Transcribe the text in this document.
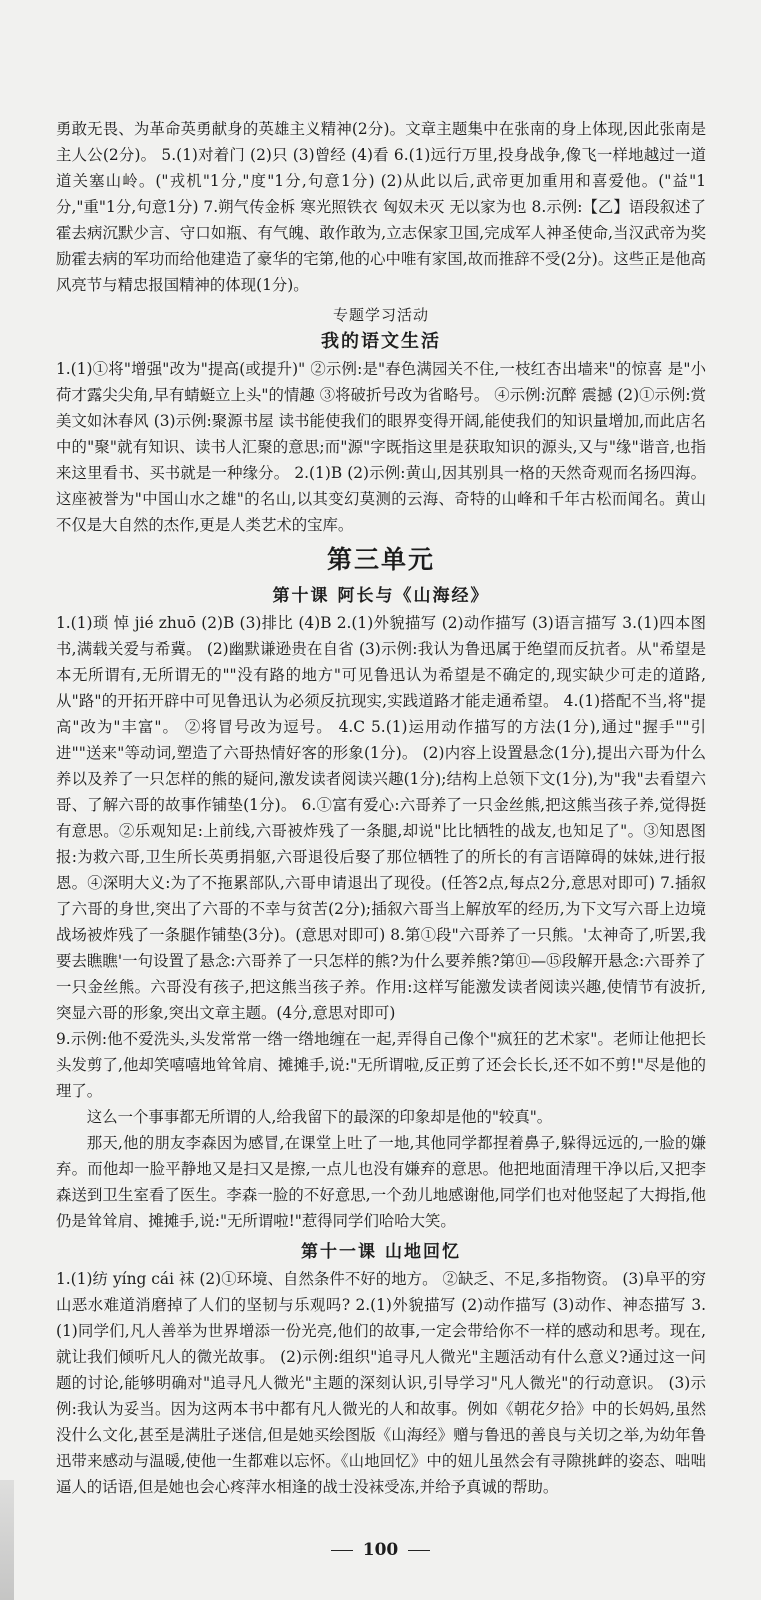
勇敢无畏、为革命英勇献身的英雄主义精神(2分)。文章主题集中在张南的身上体现,因此张南是主人公(2分)。 5.(1)对着门 (2)只 (3)曾经 (4)看 6.(1)远行万里,投身战争,像飞一样地越过一道道关塞山岭。("戎机"1分,"度"1分,句意1分) (2)从此以后,武帝更加重用和喜爱他。("益"1分,"重"1分,句意1分) 7.朔气传金柝 寒光照铁衣 匈奴未灭 无以家为也 8.示例:【乙】语段叙述了霍去病沉默少言、守口如瓶、有气魄、敢作敢为,立志保家卫国,完成军人神圣使命,当汉武帝为奖励霍去病的军功而给他建造了豪华的宅第,他的心中唯有家国,故而推辞不受(2分)。这些正是他高风亮节与精忠报国精神的体现(1分)。

专题学习活动
我的语文生活

1.(1)①将"增强"改为"提高(或提升)" ②示例:是"春色满园关不住,一枝红杏出墙来"的惊喜 是"小荷才露尖尖角,早有蜻蜓立上头"的情趣 ③将破折号改为省略号。 ④示例:沉醉 震撼 (2)①示例:赏美文如沐春风 (3)示例:聚源书屋 读书能使我们的眼界变得开阔,能使我们的知识量增加,而此店名中的"聚"就有知识、读书人汇聚的意思;而"源"字既指这里是获取知识的源头,又与"缘"谐音,也指来这里看书、买书就是一种缘分。 2.(1)B (2)示例:黄山,因其别具一格的天然奇观而名扬四海。这座被誉为"中国山水之雄"的名山,以其变幻莫测的云海、奇特的山峰和千年古松而闻名。黄山不仅是大自然的杰作,更是人类艺术的宝库。

第三单元
第十课 阿长与《山海经》

1.(1)琐 悼 jié zhuō (2)B (3)排比 (4)B 2.(1)外貌描写 (2)动作描写 (3)语言描写 3.(1)四本图书,满载关爱与希冀。 (2)幽默谦逊贵在自省 (3)示例:我认为鲁迅属于绝望而反抗者。从"希望是本无所谓有,无所谓无的""没有路的地方"可见鲁迅认为希望是不确定的,现实缺少可走的道路,从"路"的开拓开辟中可见鲁迅认为必须反抗现实,实践道路才能走通希望。 4.(1)搭配不当,将"提高"改为"丰富"。 ②将冒号改为逗号。 4.C 5.(1)运用动作描写的方法(1分),通过"握手""引进""送来"等动词,塑造了六哥热情好客的形象(1分)。 (2)内容上设置悬念(1分),提出六哥为什么养以及养了一只怎样的熊的疑问,激发读者阅读兴趣(1分);结构上总领下文(1分),为"我"去看望六哥、了解六哥的故事作铺垫(1分)。 6.①富有爱心:六哥养了一只金丝熊,把这熊当孩子养,觉得挺有意思。②乐观知足:上前线,六哥被炸残了一条腿,却说"比比牺牲的战友,也知足了"。③知恩图报:为救六哥,卫生所长英勇捐躯,六哥退役后娶了那位牺牲了的所长的有言语障碍的妹妹,进行报恩。④深明大义:为了不拖累部队,六哥申请退出了现役。(任答2点,每点2分,意思对即可) 7.插叙了六哥的身世,突出了六哥的不幸与贫苦(2分);插叙六哥当上解放军的经历,为下文写六哥上边境战场被炸残了一条腿作铺垫(3分)。(意思对即可) 8.第①段"六哥养了一只熊。'太神奇了,听罢,我要去瞧瞧'一句设置了悬念:六哥养了一只怎样的熊?为什么要养熊?第⑪—⑮段解开悬念:六哥养了一只金丝熊。六哥没有孩子,把这熊当孩子养。作用:这样写能激发读者阅读兴趣,使情节有波折,突显六哥的形象,突出文章主题。(4分,意思对即可)

9.示例:他不爱洗头,头发常常一绺一绺地缠在一起,弄得自己像个"疯狂的艺术家"。老师让他把长头发剪了,他却笑嘻嘻地耸耸肩、摊摊手,说:"无所谓啦,反正剪了还会长长,还不如不剪!"尽是他的理了。

这么一个事事都无所谓的人,给我留下的最深的印象却是他的"较真"。

那天,他的朋友李森因为感冒,在课堂上吐了一地,其他同学都捏着鼻子,躲得远远的,一脸的嫌弃。而他却一脸平静地又是扫又是擦,一点儿也没有嫌弃的意思。他把地面清理干净以后,又把李森送到卫生室看了医生。李森一脸的不好意思,一个劲儿地感谢他,同学们也对他竖起了大拇指,他仍是耸耸肩、摊摊手,说:"无所谓啦!"惹得同学们哈哈大笑。

第十一课 山地回忆

1.(1)纺 yíng cái 袜 (2)①环境、自然条件不好的地方。 ②缺乏、不足,多指物资。 (3)阜平的穷山恶水难道消磨掉了人们的坚韧与乐观吗? 2.(1)外貌描写 (2)动作描写 (3)动作、神态描写 3.(1)同学们,凡人善举为世界增添一份光亮,他们的故事,一定会带给你不一样的感动和思考。现在,就让我们倾听凡人的微光故事。 (2)示例:组织"追寻凡人微光"主题活动有什么意义?通过这一问题的讨论,能够明确对"追寻凡人微光"主题的深刻认识,引导学习"凡人微光"的行动意识。 (3)示例:我认为妥当。因为这两本书中都有凡人微光的人和故事。例如《朝花夕拾》中的长妈妈,虽然没什么文化,甚至是满肚子迷信,但是她买绘图版《山海经》赠与鲁迅的善良与关切之举,为幼年鲁迅带来感动与温暖,使他一生都难以忘怀。《山地回忆》中的妞儿虽然会有寻隙挑衅的姿态、咄咄逼人的话语,但是她也会心疼萍水相逢的战士没袜受冻,并给予真诚的帮助。

100
